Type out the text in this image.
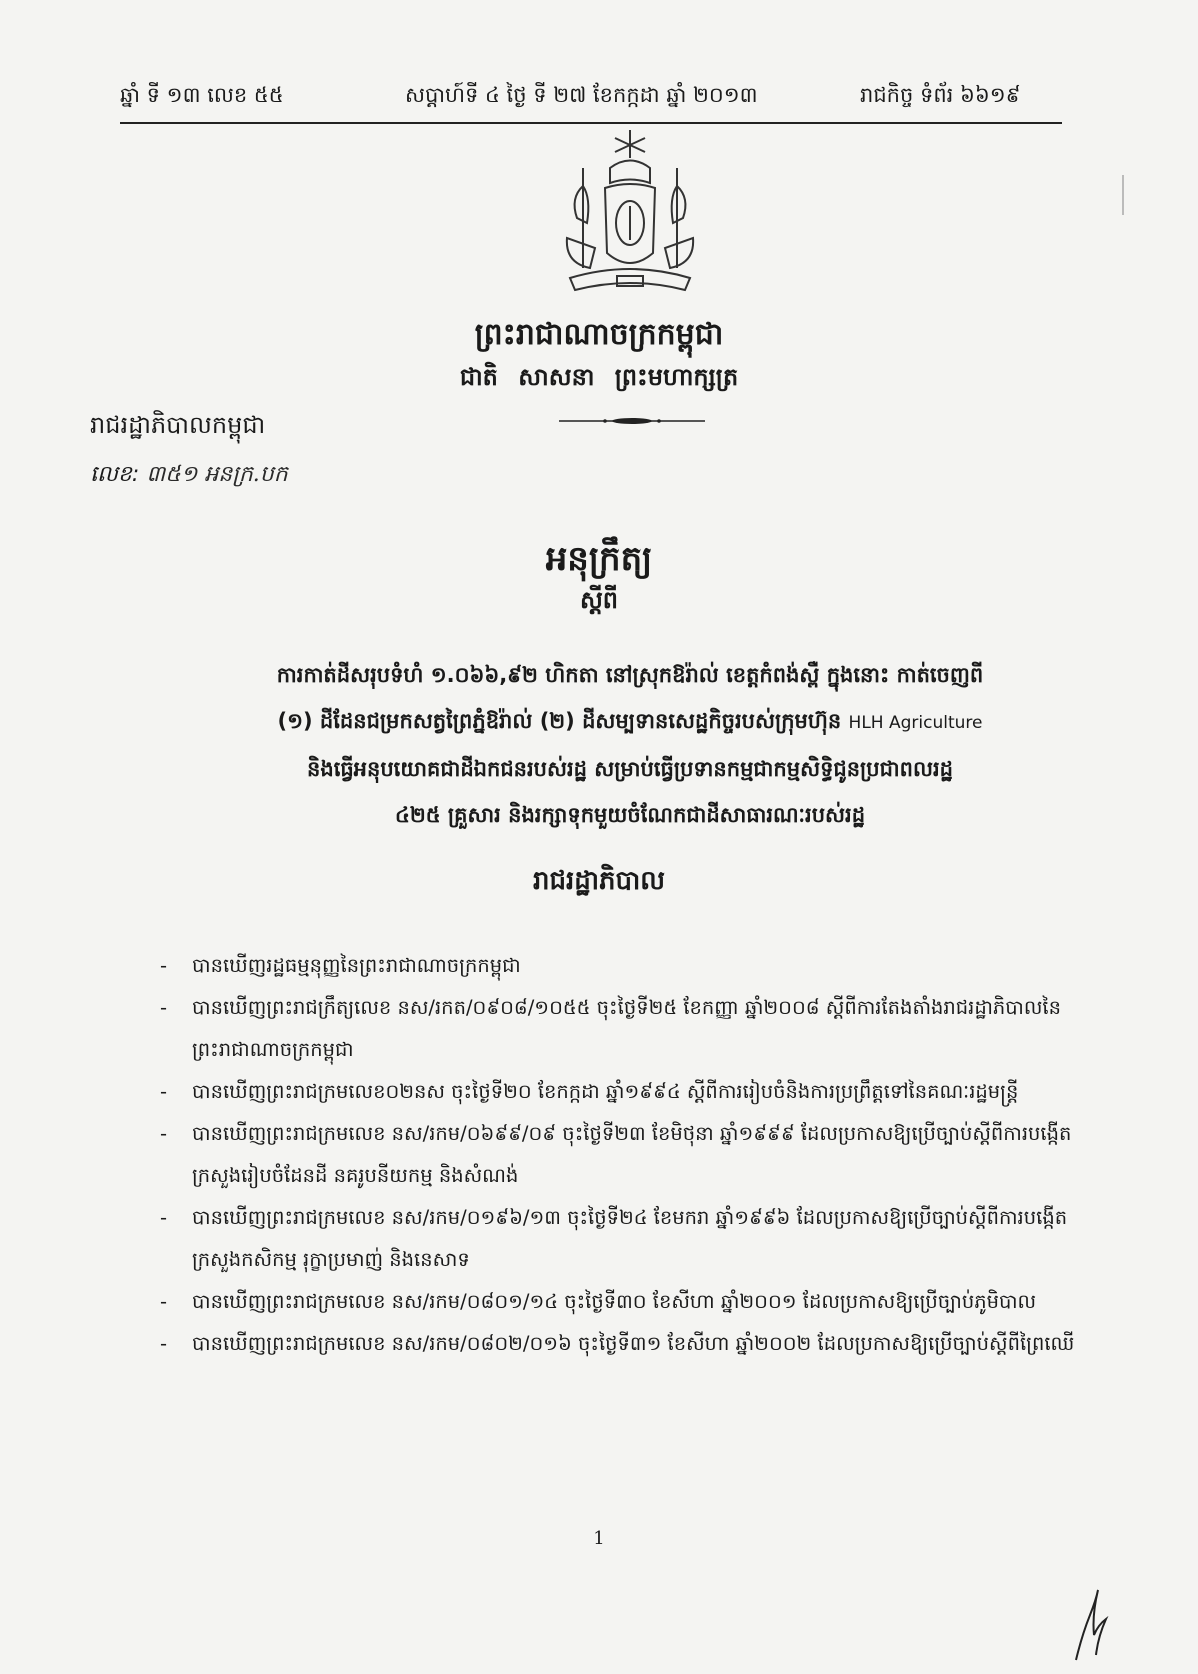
ឆ្នាំ ទី ១៣ លេខ ៥៥	សប្តាហ៍ទី ៤ ថ្ងៃ ទី ២៧ ខែកក្កដា ឆ្នាំ ២០១៣	រាជកិច្ច ទំព័រ ៦៦១៩
ព្រះរាជាណាចក្រកម្ពុជា
ជាតិ សាសនា ព្រះមហាក្សត្រ
រាជរដ្ឋាភិបាលកម្ពុជា
លេខ: ៣៥១ អនក្រ.បក
អនុក្រឹត្យ
ស្តីពី
ការកាត់ដីសរុបទំហំ ១.០៦៦,៩២ ហិកតា នៅស្រុកឱរ៉ាល់ ខេត្តកំពង់ស្ពឺ ក្នុងនោះ កាត់ចេញពី
(១) ដីដែនជម្រកសត្វព្រៃភ្នំឱរ៉ាល់ (២) ដីសម្បទានសេដ្ឋកិច្ចរបស់ក្រុមហ៊ុន HLH Agriculture
និងធ្វើអនុបយោគជាដីឯកជនរបស់រដ្ឋ សម្រាប់ធ្វើប្រទានកម្មជាកម្មសិទ្ធិជូនប្រជាពលរដ្ឋ
៤២៥ គ្រួសារ និងរក្សាទុកមួយចំណែកជាដីសាធារណៈរបស់រដ្ឋ
រាជរដ្ឋាភិបាល
- បានឃើញរដ្ឋធម្មនុញ្ញនៃព្រះរាជាណាចក្រកម្ពុជា
- បានឃើញព្រះរាជក្រឹត្យលេខ នស/រកត/០៩០៨/១០៥៥ ចុះថ្ងៃទី២៥ ខែកញ្ញា ឆ្នាំ២០០៨ ស្តីពីការតែងតាំងរាជរដ្ឋាភិបាលនៃព្រះរាជាណាចក្រកម្ពុជា
- បានឃើញព្រះរាជក្រមលេខ០២នស ចុះថ្ងៃទី២០ ខែកក្កដា ឆ្នាំ១៩៩៤ ស្តីពីការរៀបចំនិងការប្រព្រឹត្តទៅនៃគណៈរដ្ឋមន្ត្រី
- បានឃើញព្រះរាជក្រមលេខ នស/រកម/០៦៩៩/០៩ ចុះថ្ងៃទី២៣ ខែមិថុនា ឆ្នាំ១៩៩៩ ដែលប្រកាសឱ្យប្រើច្បាប់ស្តីពីការបង្កើតក្រសួងរៀបចំដែនដី នគរូបនីយកម្ម និងសំណង់
- បានឃើញព្រះរាជក្រមលេខ នស/រកម/០១៩៦/១៣ ចុះថ្ងៃទី២៤ ខែមករា ឆ្នាំ១៩៩៦ ដែលប្រកាសឱ្យប្រើច្បាប់ស្តីពីការបង្កើតក្រសួងកសិកម្ម រុក្ខាប្រមាញ់ និងនេសាទ
- បានឃើញព្រះរាជក្រមលេខ នស/រកម/០៨០១/១៤ ចុះថ្ងៃទី៣០ ខែសីហា ឆ្នាំ២០០១ ដែលប្រកាសឱ្យប្រើច្បាប់ភូមិបាល
- បានឃើញព្រះរាជក្រមលេខ នស/រកម/០៨០២/០១៦ ចុះថ្ងៃទី៣១ ខែសីហា ឆ្នាំ២០០២ ដែលប្រកាសឱ្យប្រើច្បាប់ស្តីពីព្រៃឈើ
1
